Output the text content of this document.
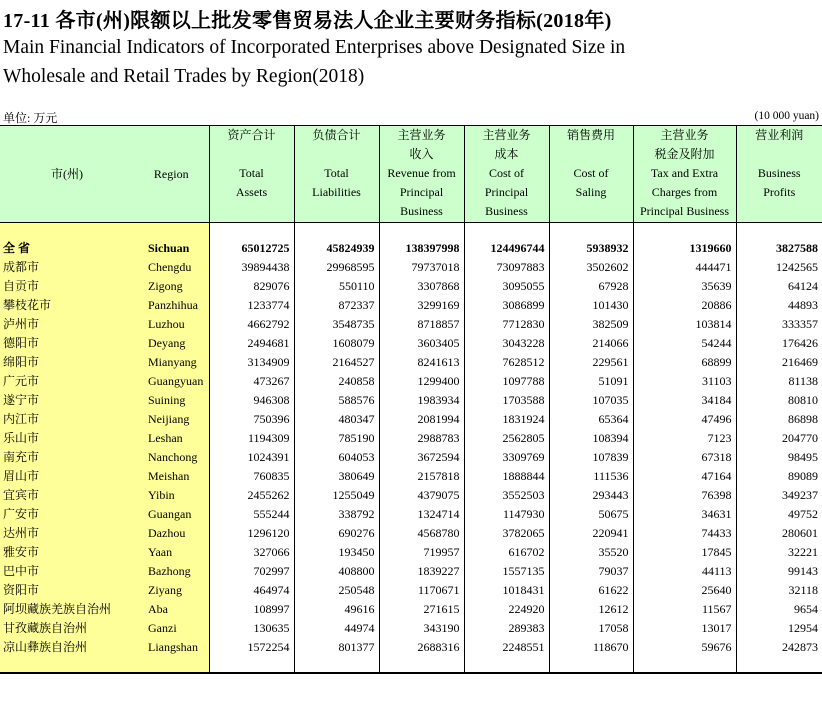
17-11 各市(州)限额以上批发零售贸易法人企业主要财务指标(2018年)
Main Financial Indicators of Incorporated Enterprises above Designated Size in
Wholesale and Retail Trades by Region(2018)
单位: 万元	(10 000 yuan)

市(州)	Region	资产合计

Total
Assets	负债合计

Total
Liabilities	主营业务
收入
Revenue from
Principal
Business	主营业务
成本
Cost of
Principal
Business	销售费用

Cost of
Saling	主营业务
税金及附加
Tax and Extra
Charges from
Principal Business	营业利润

Business
Profits

全 省	Sichuan	65012725	45824939	138397998	124496744	5938932	1319660	3827588
成都市	Chengdu	39894438	29968595	79737018	73097883	3502602	444471	1242565
自贡市	Zigong	829076	550110	3307868	3095055	67928	35639	64124
攀枝花市	Panzhihua	1233774	872337	3299169	3086899	101430	20886	44893
泸州市	Luzhou	4662792	3548735	8718857	7712830	382509	103814	333357
德阳市	Deyang	2494681	1608079	3603405	3043228	214066	54244	176426
绵阳市	Mianyang	3134909	2164527	8241613	7628512	229561	68899	216469
广元市	Guangyuan	473267	240858	1299400	1097788	51091	31103	81138
遂宁市	Suining	946308	588576	1983934	1703588	107035	34184	80810
内江市	Neijiang	750396	480347	2081994	1831924	65364	47496	86898
乐山市	Leshan	1194309	785190	2988783	2562805	108394	7123	204770
南充市	Nanchong	1024391	604053	3672594	3309769	107839	67318	98495
眉山市	Meishan	760835	380649	2157818	1888844	111536	47164	89089
宜宾市	Yibin	2455262	1255049	4379075	3552503	293443	76398	349237
广安市	Guangan	555244	338792	1324714	1147930	50675	34631	49752
达州市	Dazhou	1296120	690276	4568780	3782065	220941	74433	280601
雅安市	Yaan	327066	193450	719957	616702	35520	17845	32221
巴中市	Bazhong	702997	408800	1839227	1557135	79037	44113	99143
资阳市	Ziyang	464974	250548	1170671	1018431	61622	25640	32118
阿坝藏族羌族自治州	Aba	108997	49616	271615	224920	12612	11567	9654
甘孜藏族自治州	Ganzi	130635	44974	343190	289383	17058	13017	12954
凉山彝族自治州	Liangshan	1572254	801377	2688316	2248551	118670	59676	242873
